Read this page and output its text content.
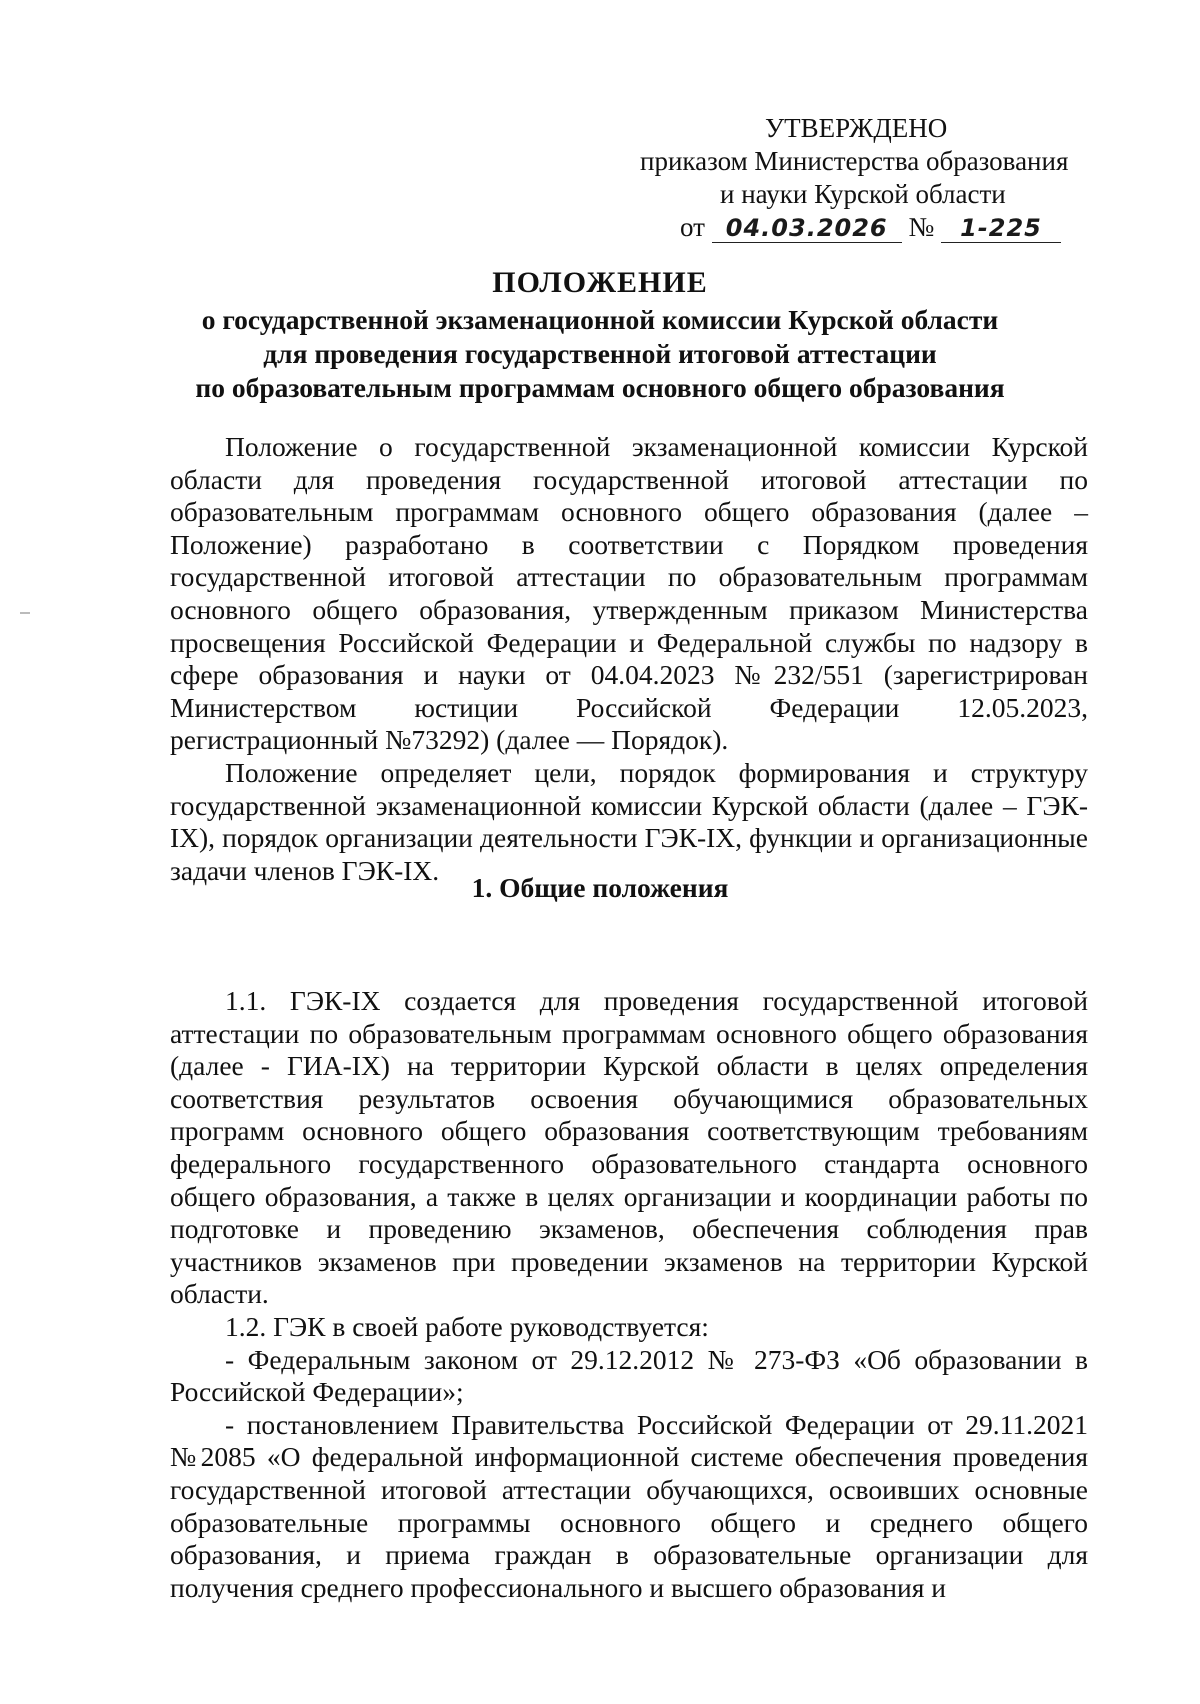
УТВЕРЖДЕНО
приказом Министерства образования
и науки Курской области
от 04.03.2026 № 1-225
ПОЛОЖЕНИЕ
о государственной экзаменационной комиссии Курской области
для проведения государственной итоговой аттестации
по образовательным программам основного общего образования

Положение о государственной экзаменационной комиссии Курской области для проведения государственной итоговой аттестации по образовательным программам основного общего образования (далее – Положение) разработано в соответствии с Порядком проведения государственной итоговой аттестации по образовательным программам основного общего образования, утвержденным приказом Министерства просвещения Российской Федерации и Федеральной службы по надзору в сфере образования и науки от 04.04.2023 №232/551 (зарегистрирован Министерством юстиции Российской Федерации 12.05.2023, регистрационный №73292) (далее — Порядок).

Положение определяет цели, порядок формирования и структуру государственной экзаменационной комиссии Курской области (далее – ГЭК-IX), порядок организации деятельности ГЭК-IX, функции и организационные задачи членов ГЭК-IX.

1. Общие положения

1.1. ГЭК-IX создается для проведения государственной итоговой аттестации по образовательным программам основного общего образования (далее - ГИА-IX) на территории Курской области в целях определения соответствия результатов освоения обучающимися образовательных программ основного общего образования соответствующим требованиям федерального государственного образовательного стандарта основного общего образования, а также в целях организации и координации работы по подготовке и проведению экзаменов, обеспечения соблюдения прав участников экзаменов при проведении экзаменов на территории Курской области.

1.2. ГЭК в своей работе руководствуется:

- Федеральным законом от 29.12.2012 № 273-ФЗ «Об образовании в Российской Федерации»;

- постановлением Правительства Российской Федерации от 29.11.2021 №2085 «О федеральной информационной системе обеспечения проведения государственной итоговой аттестации обучающихся, освоивших основные образовательные программы основного общего и среднего общего образования, и приема граждан в образовательные организации для получения среднего профессионального и высшего образования и
